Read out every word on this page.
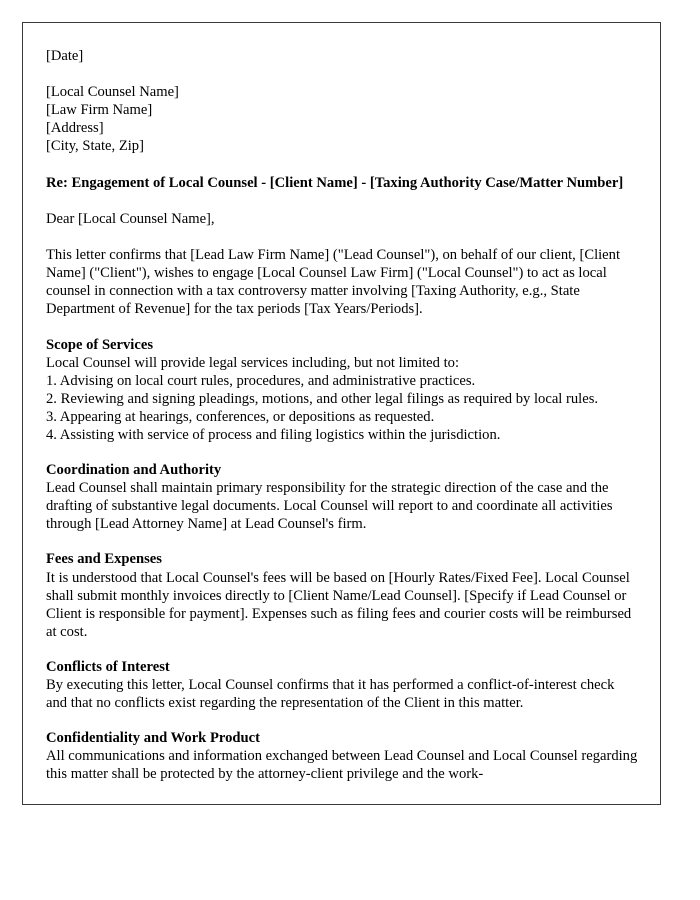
[Date]
[Local Counsel Name]
[Law Firm Name]
[Address]
[City, State, Zip]
Re: Engagement of Local Counsel - [Client Name] - [Taxing Authority Case/Matter Number]
Dear [Local Counsel Name],
This letter confirms that [Lead Law Firm Name] ("Lead Counsel"), on behalf of our client, [Client Name] ("Client"), wishes to engage [Local Counsel Law Firm] ("Local Counsel") to act as local counsel in connection with a tax controversy matter involving [Taxing Authority, e.g., State Department of Revenue] for the tax periods [Tax Years/Periods].
Scope of Services
Local Counsel will provide legal services including, but not limited to:
1. Advising on local court rules, procedures, and administrative practices.
2. Reviewing and signing pleadings, motions, and other legal filings as required by local rules.
3. Appearing at hearings, conferences, or depositions as requested.
4. Assisting with service of process and filing logistics within the jurisdiction.
Coordination and Authority
Lead Counsel shall maintain primary responsibility for the strategic direction of the case and the drafting of substantive legal documents. Local Counsel will report to and coordinate all activities through [Lead Attorney Name] at Lead Counsel's firm.
Fees and Expenses
It is understood that Local Counsel's fees will be based on [Hourly Rates/Fixed Fee]. Local Counsel shall submit monthly invoices directly to [Client Name/Lead Counsel]. [Specify if Lead Counsel or Client is responsible for payment]. Expenses such as filing fees and courier costs will be reimbursed at cost.
Conflicts of Interest
By executing this letter, Local Counsel confirms that it has performed a conflict-of-interest check and that no conflicts exist regarding the representation of the Client in this matter.
Confidentiality and Work Product
All communications and information exchanged between Lead Counsel and Local Counsel regarding this matter shall be protected by the attorney-client privilege and the work-
